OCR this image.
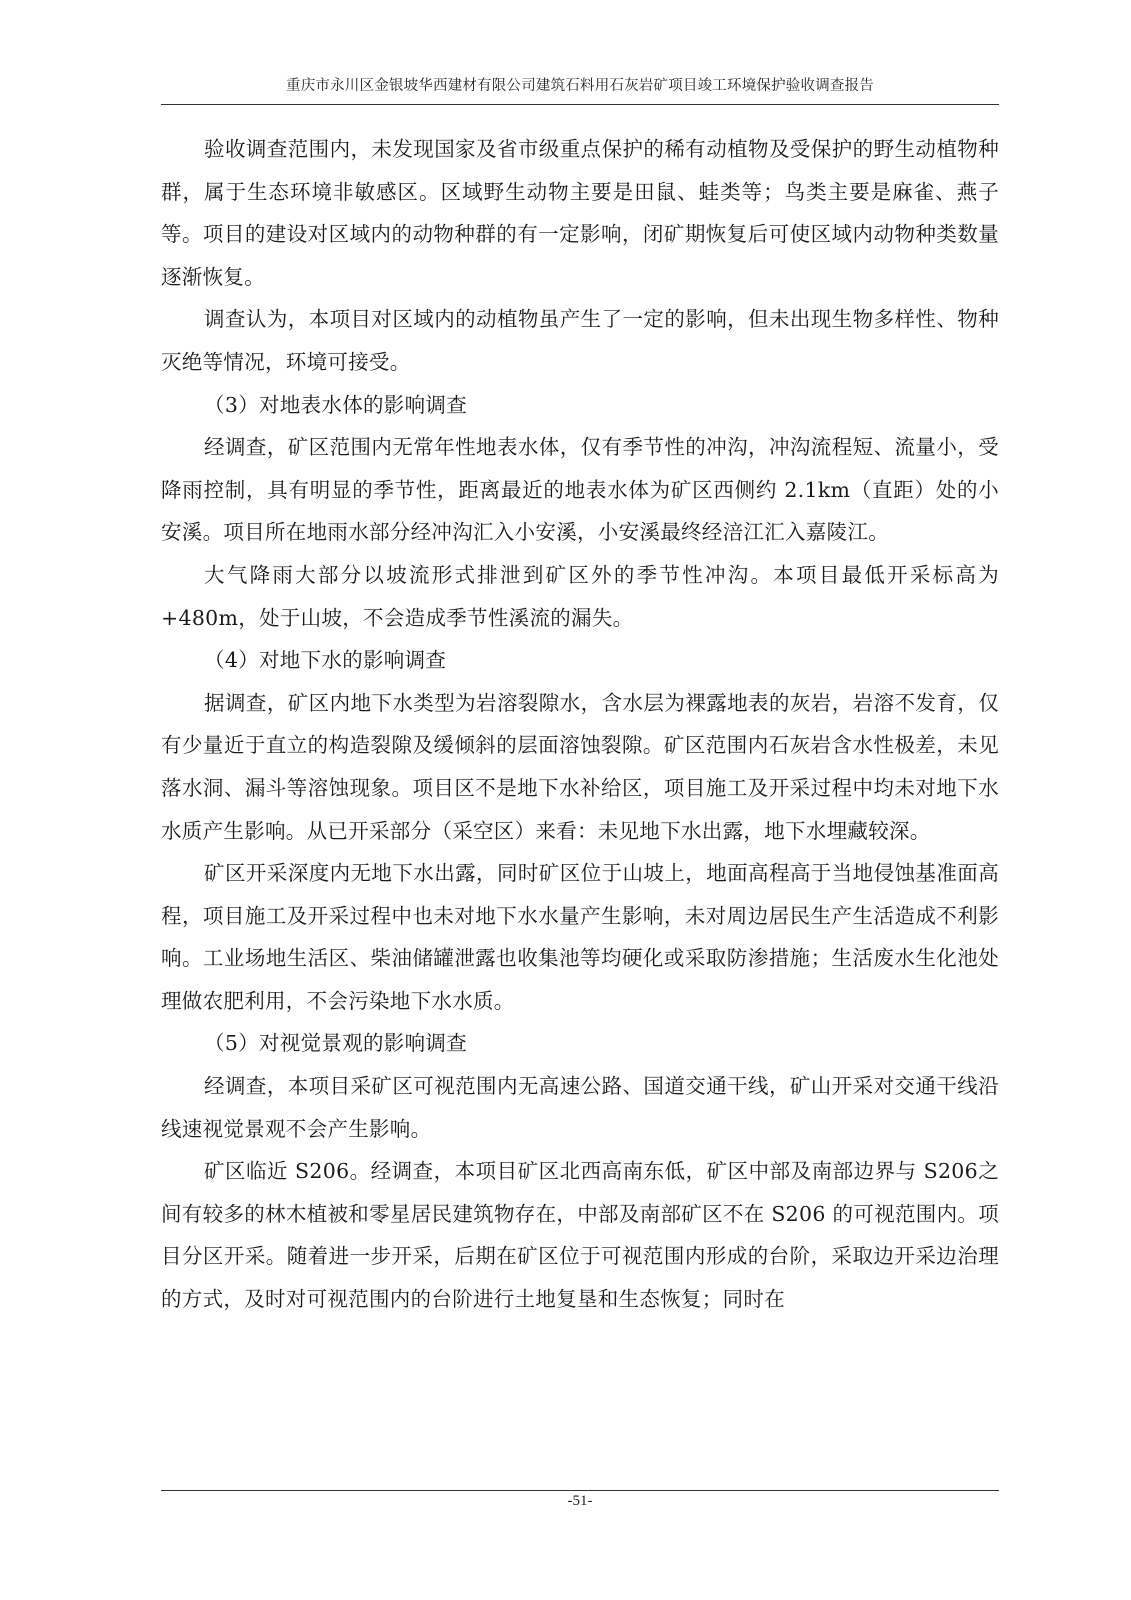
重庆市永川区金银坡华西建材有限公司建筑石料用石灰岩矿项目竣工环境保护验收调查报告

验收调查范围内，未发现国家及省市级重点保护的稀有动植物及受保护的野生动植物种群，属于生态环境非敏感区。区域野生动物主要是田鼠、蛙类等；鸟类主要是麻雀、燕子等。项目的建设对区域内的动物种群的有一定影响，闭矿期恢复后可使区域内动物种类数量逐渐恢复。

调查认为，本项目对区域内的动植物虽产生了一定的影响，但未出现生物多样性、物种灭绝等情况，环境可接受。

（3）对地表水体的影响调查

经调查，矿区范围内无常年性地表水体，仅有季节性的冲沟，冲沟流程短、流量小，受降雨控制，具有明显的季节性，距离最近的地表水体为矿区西侧约 2.1km（直距）处的小安溪。项目所在地雨水部分经冲沟汇入小安溪，小安溪最终经涪江汇入嘉陵江。

大气降雨大部分以坡流形式排泄到矿区外的季节性冲沟。本项目最低开采标高为+480m，处于山坡，不会造成季节性溪流的漏失。

（4）对地下水的影响调查

据调查，矿区内地下水类型为岩溶裂隙水，含水层为裸露地表的灰岩，岩溶不发育，仅有少量近于直立的构造裂隙及缓倾斜的层面溶蚀裂隙。矿区范围内石灰岩含水性极差，未见落水洞、漏斗等溶蚀现象。项目区不是地下水补给区，项目施工及开采过程中均未对地下水水质产生影响。从已开采部分（采空区）来看：未见地下水出露，地下水埋藏较深。

矿区开采深度内无地下水出露，同时矿区位于山坡上，地面高程高于当地侵蚀基准面高程，项目施工及开采过程中也未对地下水水量产生影响，未对周边居民生产生活造成不利影响。工业场地生活区、柴油储罐泄露也收集池等均硬化或采取防渗措施；生活废水生化池处理做农肥利用，不会污染地下水水质。

（5）对视觉景观的影响调查

经调查，本项目采矿区可视范围内无高速公路、国道交通干线，矿山开采对交通干线沿线速视觉景观不会产生影响。

矿区临近 S206。经调查，本项目矿区北西高南东低，矿区中部及南部边界与 S206之间有较多的林木植被和零星居民建筑物存在，中部及南部矿区不在 S206 的可视范围内。项目分区开采。随着进一步开采，后期在矿区位于可视范围内形成的台阶，采取边开采边治理的方式，及时对可视范围内的台阶进行土地复垦和生态恢复；同时在

-51-
